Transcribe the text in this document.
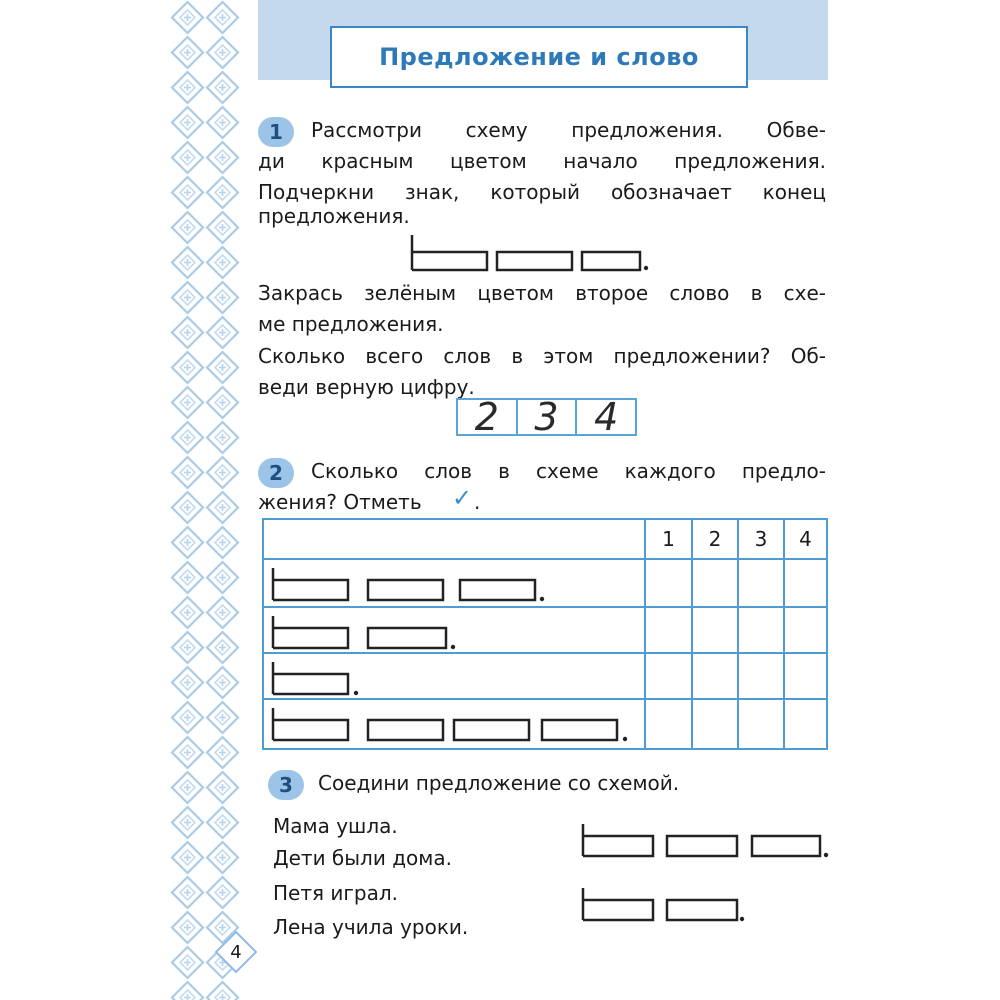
Предложение и слово
1	Рассмотри схему предложения. Обве-
ди красным цветом начало предложения.
Подчеркни знак, который обозначает конец
предложения.
Закрась зелёным цветом второе слово в схе-
ме предложения.
Сколько всего слов в этом предложении? Об-
веди верную цифру.
2 3 4
2	Сколько слов в схеме каждого предло-
жения? Отметь ✓ .
1	2	3	4
3	Соедини предложение со схемой.
Мама ушла.
Дети были дома.
Петя играл.
Лена учила уроки.
4
